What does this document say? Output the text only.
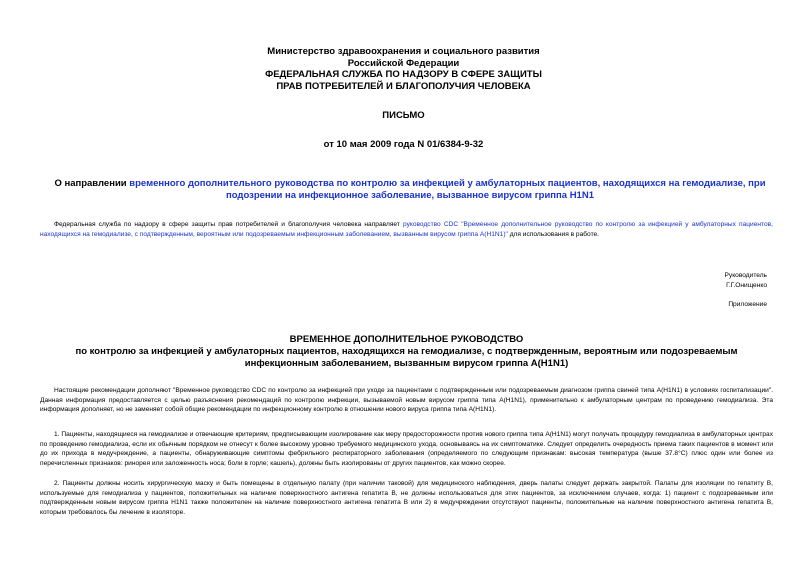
Министерство здравоохранения и социального развития
Российской Федерации
ФЕДЕРАЛЬНАЯ СЛУЖБА ПО НАДЗОРУ В СФЕРЕ ЗАЩИТЫ
ПРАВ ПОТРЕБИТЕЛЕЙ И БЛАГОПОЛУЧИЯ ЧЕЛОВЕКА
ПИСЬМО
от 10 мая 2009 года N 01/6384-9-32
О направлении временного дополнительного руководства по контролю за инфекцией у амбулаторных пациентов, находящихся на гемодиализе, при подозрении на инфекционное заболевание, вызванное вирусом гриппа H1N1
Федеральная служба по надзору в сфере защиты прав потребителей и благополучия человека направляет руководство CDC "Временное дополнительное руководство по контролю за инфекцией у амбулаторных пациентов, находящихся на гемодиализе, с подтвержденным, вероятным или подозреваемым инфекционным заболеванием, вызванным вирусом гриппа A(H1N1)" для использования в работе.
Руководитель
Г.Г.Онищенко
Приложение
ВРЕМЕННОЕ ДОПОЛНИТЕЛЬНОЕ РУКОВОДСТВО
по контролю за инфекцией у амбулаторных пациентов, находящихся на гемодиализе, с подтвержденным, вероятным или подозреваемым инфекционным заболеванием, вызванным вирусом гриппа A(H1N1)
Настоящие рекомендации дополняют "Временное руководство CDC по контролю за инфекцией при уходе за пациентами с подтвержденным или подозреваемым диагнозом гриппа свиней типа A(H1N1) в условиях госпитализации". Данная информация предоставляется с целью разъяснения рекомендаций по контролю инфекции, вызываемой новым вирусом гриппа типа A(H1N1), применительно к амбулаторным центрам по проведению гемодиализа. Эта информация дополняет, но не заменяет собой общие рекомендации по инфекционному контролю в отношении нового вируса гриппа типа A(H1N1).
1. Пациенты, находящиеся на гемодиализе и отвечающие критериям, предписывающим изолирование как меру предосторожности против нового гриппа типа A(H1N1) могут получать процедуру гемодиализа в амбулаторных центрах по проведению гемодиализа, если их обычным порядком не отнесут к более высокому уровню требуемого медицинского ухода, основываясь на их симптоматике. Следует определить очередность приема таких пациентов в момент или до их прихода в медучреждение, а пациенты, обнаруживающие симптомы фебрильного респираторного заболевания (определяемого по следующим признакам: высокая температура (выше 37.8°C) плюс один или более из перечисленных признаков: ринорея или заложенность носа; боли в горле; кашель), должны быть изолированы от других пациентов, как можно скорее.
2. Пациенты должны носить хирургическую маску и быть помещены в отдельную палату (при наличии таковой) для медицинского наблюдения, дверь палаты следует держать закрытой. Палаты для изоляции по гепатиту В, используемые для гемодиализа у пациентов, положительных на наличие поверхностного антигена гепатита В, не должны использоваться для этих пациентов, за исключением случаев, когда: 1) пациент с подозреваемым или подтвержденным новым вирусом гриппа H1N1 также положителен на наличие поверхностного антигена гепатита В или 2) в медучреждении отсутствуют пациенты, положительные на наличие поверхностного антигена гепатита В, которым требовалось бы лечение в изоляторе.
